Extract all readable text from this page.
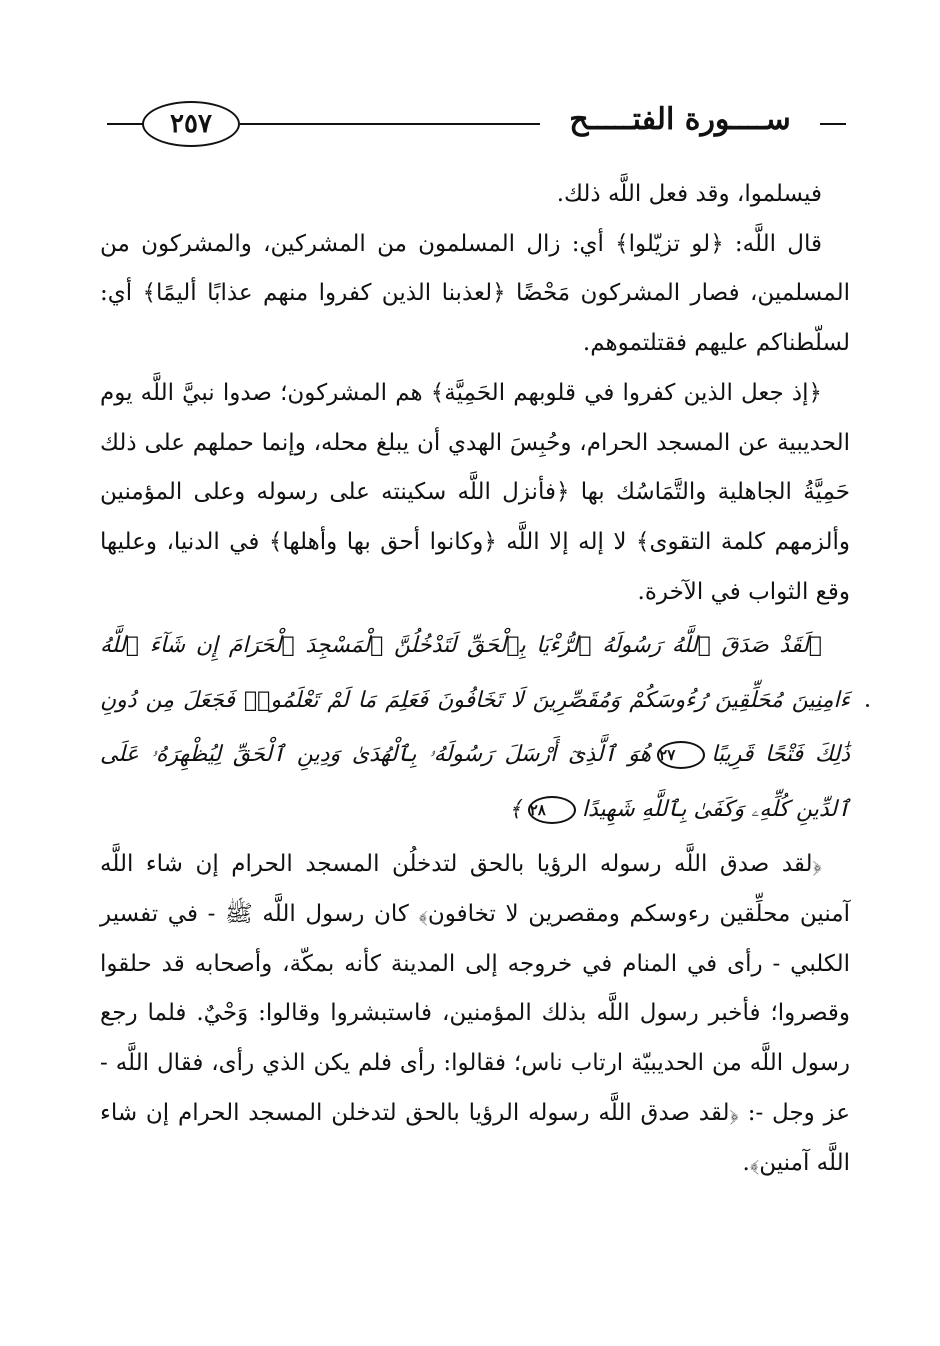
٢٥٧	ســــورة الفتـــــح

فيسلموا، وقد فعل اللَّه ذلك.

قال اللَّه: ﴿لو تزيّلوا﴾ أي: زال المسلمون من المشركين، والمشركون من المسلمين، فصار المشركون مَحْضًا ﴿لعذبنا الذين كفروا منهم عذابًا أليمًا﴾ أي: لسلّطناكم عليهم فقتلتموهم.

﴿إذ جعل الذين كفروا في قلوبهم الحَمِيَّة﴾ هم المشركون؛ صدوا نبيَّ اللَّه يوم الحديبية عن المسجد الحرام، وحُبِسَ الهدي أن يبلغ محله، وإنما حملهم على ذلك حَمِيَّةُ الجاهلية والتَّمَاسُك بها ﴿فأنزل اللَّه سكينته على رسوله وعلى المؤمنين وألزمهم كلمة التقوى﴾ لا إله إلا اللَّه ﴿وكانوا أحق بها وأهلها﴾ في الدنيا، وعليها وقع الثواب في الآخرة.

﴿لَقَدْ صَدَقَ ٱللَّهُ رَسُولَهُ ٱلرُّءْيَا بِٱلْحَقِّ لَتَدْخُلُنَّ ٱلْمَسْجِدَ ٱلْحَرَامَ إِن شَآءَ ٱللَّهُ ءَامِنِينَ مُحَلِّقِينَ رُءُوسَكُمْ وَمُقَصِّرِينَ لَا تَخَافُونَ فَعَلِمَ مَا لَمْ تَعْلَمُوا۟ فَجَعَلَ مِن دُونِ ذَٰلِكَ فَتْحًا قَرِيبًا٢٧هُوَ ٱلَّذِىٓ أَرْسَلَ رَسُولَهُۥ بِٱلْهُدَىٰ وَدِينِ ٱلْحَقِّ لِيُظْهِرَهُۥ عَلَى ٱلدِّينِ كُلِّهِۦ وَكَفَىٰ بِٱللَّهِ شَهِيدًا٢٨﴾

﴿لقد صدق اللَّه رسوله الرؤيا بالحق لتدخلُن المسجد الحرام إن شاء اللَّه آمنين محلِّقين رءوسكم ومقصرين لا تخافون﴾ كان رسول اللَّه ﷺ - في تفسير الكلبي - رأى في المنام في خروجه إلى المدينة كأنه بمكّة، وأصحابه قد حلقوا وقصروا؛ فأخبر رسول اللَّه بذلك المؤمنين، فاستبشروا وقالوا: وَحْيٌ. فلما رجع رسول اللَّه من الحديبيّة ارتاب ناس؛ فقالوا: رأى فلم يكن الذي رأى، فقال اللَّه - عز وجل -: ﴿لقد صدق اللَّه رسوله الرؤيا بالحق لتدخلن المسجد الحرام إن شاء اللَّه آمنين﴾.
